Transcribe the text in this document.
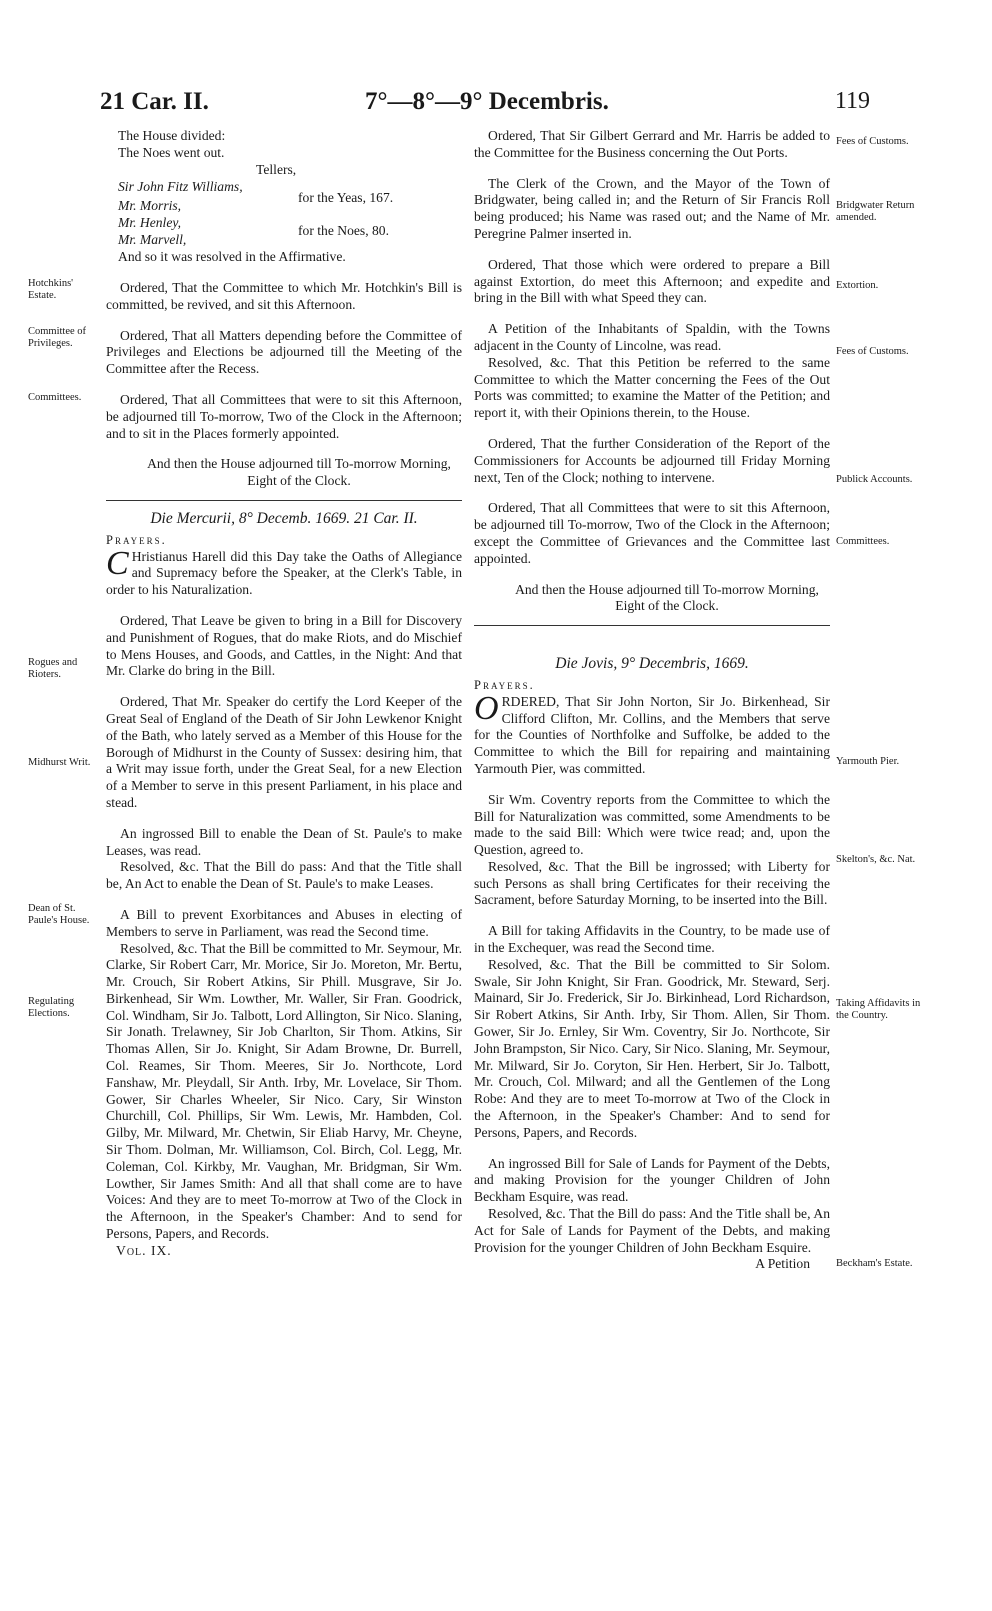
21 Car. II.	7°—8°—9° Decembris.	119
Hotchkins' Estate.
Committee of Privileges.
Committees.
Rogues and Rioters.
Midhurst Writ.
Dean of St. Paule's House.
Regulating Elections.
The House divided:
The Noes went out.
Tellers,
Sir John Fitz Williams,
Mr. Morris,
for the Yeas, 167.
Mr. Henley,
Mr. Marvell,
for the Noes, 80.
And so it was resolved in the Affirmative.

Ordered, That the Committee to which Mr. Hotchkin's Bill is committed, be revived, and sit this Afternoon.

Ordered, That all Matters depending before the Committee of Privileges and Elections be adjourned till the Meeting of the Committee after the Recess.

Ordered, That all Committees that were to sit this Afternoon, be adjourned till To-morrow, Two of the Clock in the Afternoon; and to sit in the Places formerly appointed.

And then the House adjourned till To-morrow Morning, Eight of the Clock.

Die Mercurii, 8° Decemb. 1669. 21 Car. II.
Prayers.

C Hristianus Harell did this Day take the Oaths of Allegiance and Supremacy before the Speaker, at the Clerk's Table, in order to his Naturalization.

Ordered, That Leave be given to bring in a Bill for Discovery and Punishment of Rogues, that do make Riots, and do Mischief to Mens Houses, and Goods, and Cattles, in the Night: And that Mr. Clarke do bring in the Bill.

Ordered, That Mr. Speaker do certify the Lord Keeper of the Great Seal of England of the Death of Sir John Lewkenor Knight of the Bath, who lately served as a Member of this House for the Borough of Midhurst in the County of Sussex: desiring him, that a Writ may issue forth, under the Great Seal, for a new Election of a Member to serve in this present Parliament, in his place and stead.

An ingrossed Bill to enable the Dean of St. Paule's to make Leases, was read.

Resolved, &c. That the Bill do pass: And that the Title shall be, An Act to enable the Dean of St. Paule's to make Leases.

A Bill to prevent Exorbitances and Abuses in electing of Members to serve in Parliament, was read the Second time.

Resolved, &c. That the Bill be committed to Mr. Seymour, Mr. Clarke, Sir Robert Carr, Mr. Morice, Sir Jo. Moreton, Mr. Bertu, Mr. Crouch, Sir Robert Atkins, Sir Phill. Musgrave, Sir Jo. Birkenhead, Sir Wm. Lowther, Mr. Waller, Sir Fran. Goodrick, Col. Windham, Sir Jo. Talbott, Lord Allington, Sir Nico. Slaning, Sir Jonath. Trelawney, Sir Job Charlton, Sir Thom. Atkins, Sir Thomas Allen, Sir Jo. Knight, Sir Adam Browne, Dr. Burrell, Col. Reames, Sir Thom. Meeres, Sir Jo. Northcote, Lord Fanshaw, Mr. Pleydall, Sir Anth. Irby, Mr. Lovelace, Sir Thom. Gower, Sir Charles Wheeler, Sir Nico. Cary, Sir Winston Churchill, Col. Phillips, Sir Wm. Lewis, Mr. Hambden, Col. Gilby, Mr. Milward, Mr. Chetwin, Sir Eliab Harvy, Mr. Cheyne, Sir Thom. Dolman, Mr. Williamson, Col. Birch, Col. Legg, Mr. Coleman, Col. Kirkby, Mr. Vaughan, Mr. Bridgman, Sir Wm. Lowther, Sir James Smith: And all that shall come are to have Voices: And they are to meet To-morrow at Two of the Clock in the Afternoon, in the Speaker's Chamber: And to send for Persons, Papers, and Records.

Vol. IX.

Fees of Customs.
Bridgwater Return amended.
Extortion.
Fees of Customs.
Publick Accounts.
Committees.
Yarmouth Pier.
Skelton's, &c. Nat.
Taking Affidavits in the Country.
Beckham's Estate.

Ordered, That Sir Gilbert Gerrard and Mr. Harris be added to the Committee for the Business concerning the Out Ports.

The Clerk of the Crown, and the Mayor of the Town of Bridgwater, being called in; and the Return of Sir Francis Roll being produced; his Name was rased out; and the Name of Mr. Peregrine Palmer inserted in.

Ordered, That those which were ordered to prepare a Bill against Extortion, do meet this Afternoon; and expedite and bring in the Bill with what Speed they can.

A Petition of the Inhabitants of Spaldin, with the Towns adjacent in the County of Lincolne, was read.

Resolved, &c. That this Petition be referred to the same Committee to which the Matter concerning the Fees of the Out Ports was committed; to examine the Matter of the Petition; and report it, with their Opinions therein, to the House.

Ordered, That the further Consideration of the Report of the Commissioners for Accounts be adjourned till Friday Morning next, Ten of the Clock; nothing to intervene.

Ordered, That all Committees that were to sit this Afternoon, be adjourned till To-morrow, Two of the Clock in the Afternoon; except the Committee of Grievances and the Committee last appointed.

And then the House adjourned till To-morrow Morning, Eight of the Clock.

Die Jovis, 9° Decembris, 1669.
Prayers.

ORDERED, That Sir John Norton, Sir Jo. Birkenhead, Sir Clifford Clifton, Mr. Collins, and the Members that serve for the Counties of Northfolke and Suffolke, be added to the Committee to which the Bill for repairing and maintaining Yarmouth Pier, was committed.

Sir Wm. Coventry reports from the Committee to which the Bill for Naturalization was committed, some Amendments to be made to the said Bill: Which were twice read; and, upon the Question, agreed to.

Resolved, &c. That the Bill be ingrossed; with Liberty for such Persons as shall bring Certificates for their receiving the Sacrament, before Saturday Morning, to be inserted into the Bill.

A Bill for taking Affidavits in the Country, to be made use of in the Exchequer, was read the Second time.

Resolved, &c. That the Bill be committed to Sir Solom. Swale, Sir John Knight, Sir Fran. Goodrick, Mr. Steward, Serj. Mainard, Sir Jo. Frederick, Sir Jo. Birkinhead, Lord Richardson, Sir Robert Atkins, Sir Anth. Irby, Sir Thom. Allen, Sir Thom. Gower, Sir Jo. Ernley, Sir Wm. Coventry, Sir Jo. Northcote, Sir John Brampston, Sir Nico. Cary, Sir Nico. Slaning, Mr. Seymour, Mr. Milward, Sir Jo. Coryton, Sir Hen. Herbert, Sir Jo. Talbott, Mr. Crouch, Col. Milward; and all the Gentlemen of the Long Robe: And they are to meet To-morrow at Two of the Clock in the Afternoon, in the Speaker's Chamber: And to send for Persons, Papers, and Records.

An ingrossed Bill for Sale of Lands for Payment of the Debts, and making Provision for the younger Children of John Beckham Esquire, was read.

Resolved, &c. That the Bill do pass: And the Title shall be, An Act for Sale of Lands for Payment of the Debts, and making Provision for the younger Children of John Beckham Esquire.

A Petition
